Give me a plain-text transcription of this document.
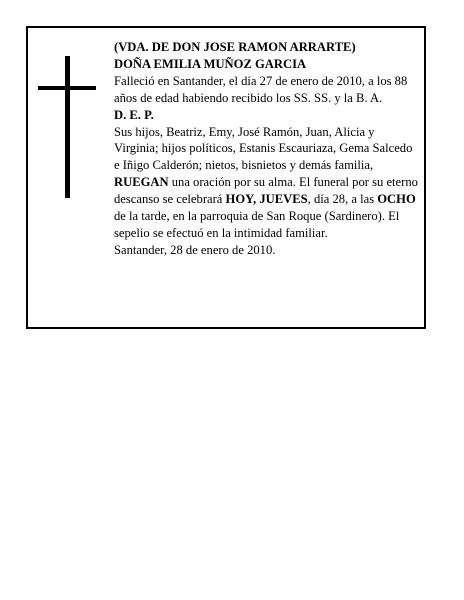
(VDA. DE DON JOSE RAMON ARRARTE)

DOÑA EMILIA MUÑOZ GARCIA

Falleció en Santander, el día 27 de enero de 2010, a los 88 años de edad habiendo recibido los SS. SS. y la B. A.

D. E. P.

Sus hijos, Beatriz, Emy, José Ramón, Juan, Alicia y Virginia; hijos políticos, Estanis Escauriaza, Gema Salcedo e Iñigo Calderón; nietos, bisnietos y demás familia,

RUEGAN una oración por su alma. El funeral por su eterno descanso se celebrará HOY, JUEVES, día 28, a las OCHO de la tarde, en la parroquia de San Roque (Sardinero). El sepelio se efectuó en la intimidad familiar.

Santander, 28 de enero de 2010.
